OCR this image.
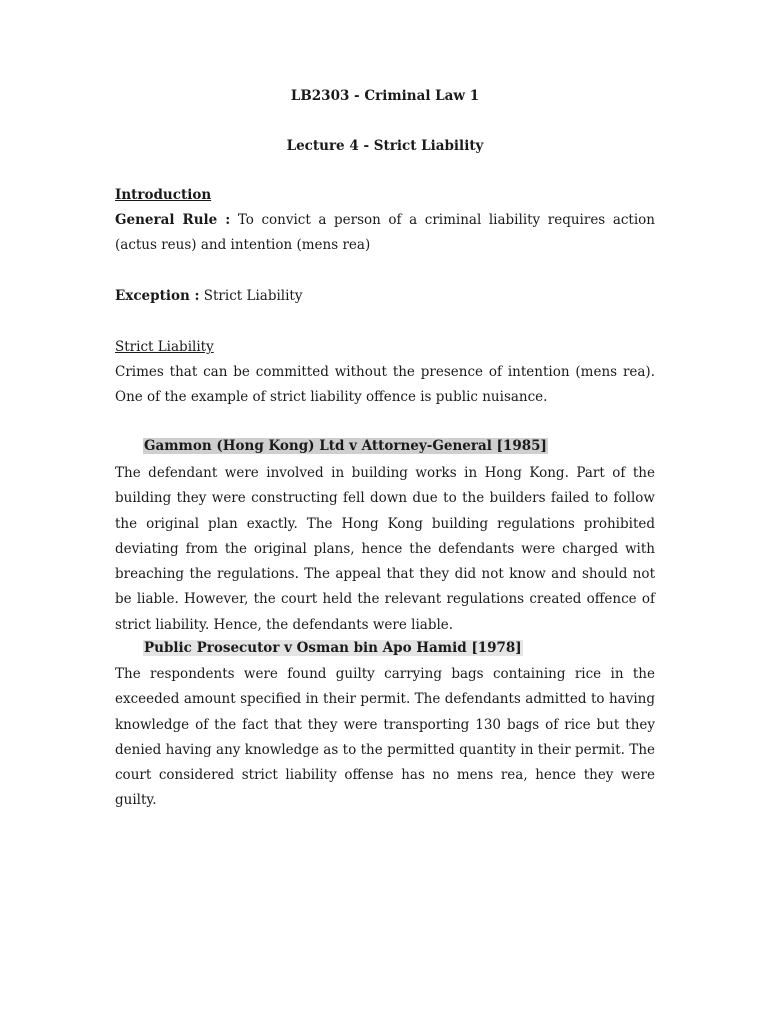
LB2303 - Criminal Law 1
Lecture 4 - Strict Liability
Introduction
General Rule : To convict a person of a criminal liability requires action (actus reus) and intention (mens rea)
Exception : Strict Liability
Strict Liability
Crimes that can be committed without the presence of intention (mens rea). One of the example of strict liability offence is public nuisance.
Gammon (Hong Kong) Ltd v Attorney-General [1985]
The defendant were involved in building works in Hong Kong. Part of the building they were constructing fell down due to the builders failed to follow the original plan exactly. The Hong Kong building regulations prohibited deviating from the original plans, hence the defendants were charged with breaching the regulations. The appeal that they did not know and should not be liable. However, the court held the relevant regulations created offence of strict liability. Hence, the defendants were liable.
Public Prosecutor v Osman bin Apo Hamid [1978]
The respondents were found guilty carrying bags containing rice in the exceeded amount specified in their permit. The defendants admitted to having knowledge of the fact that they were transporting 130 bags of rice but they denied having any knowledge as to the permitted quantity in their permit. The court considered strict liability offense has no mens rea, hence they were guilty.
